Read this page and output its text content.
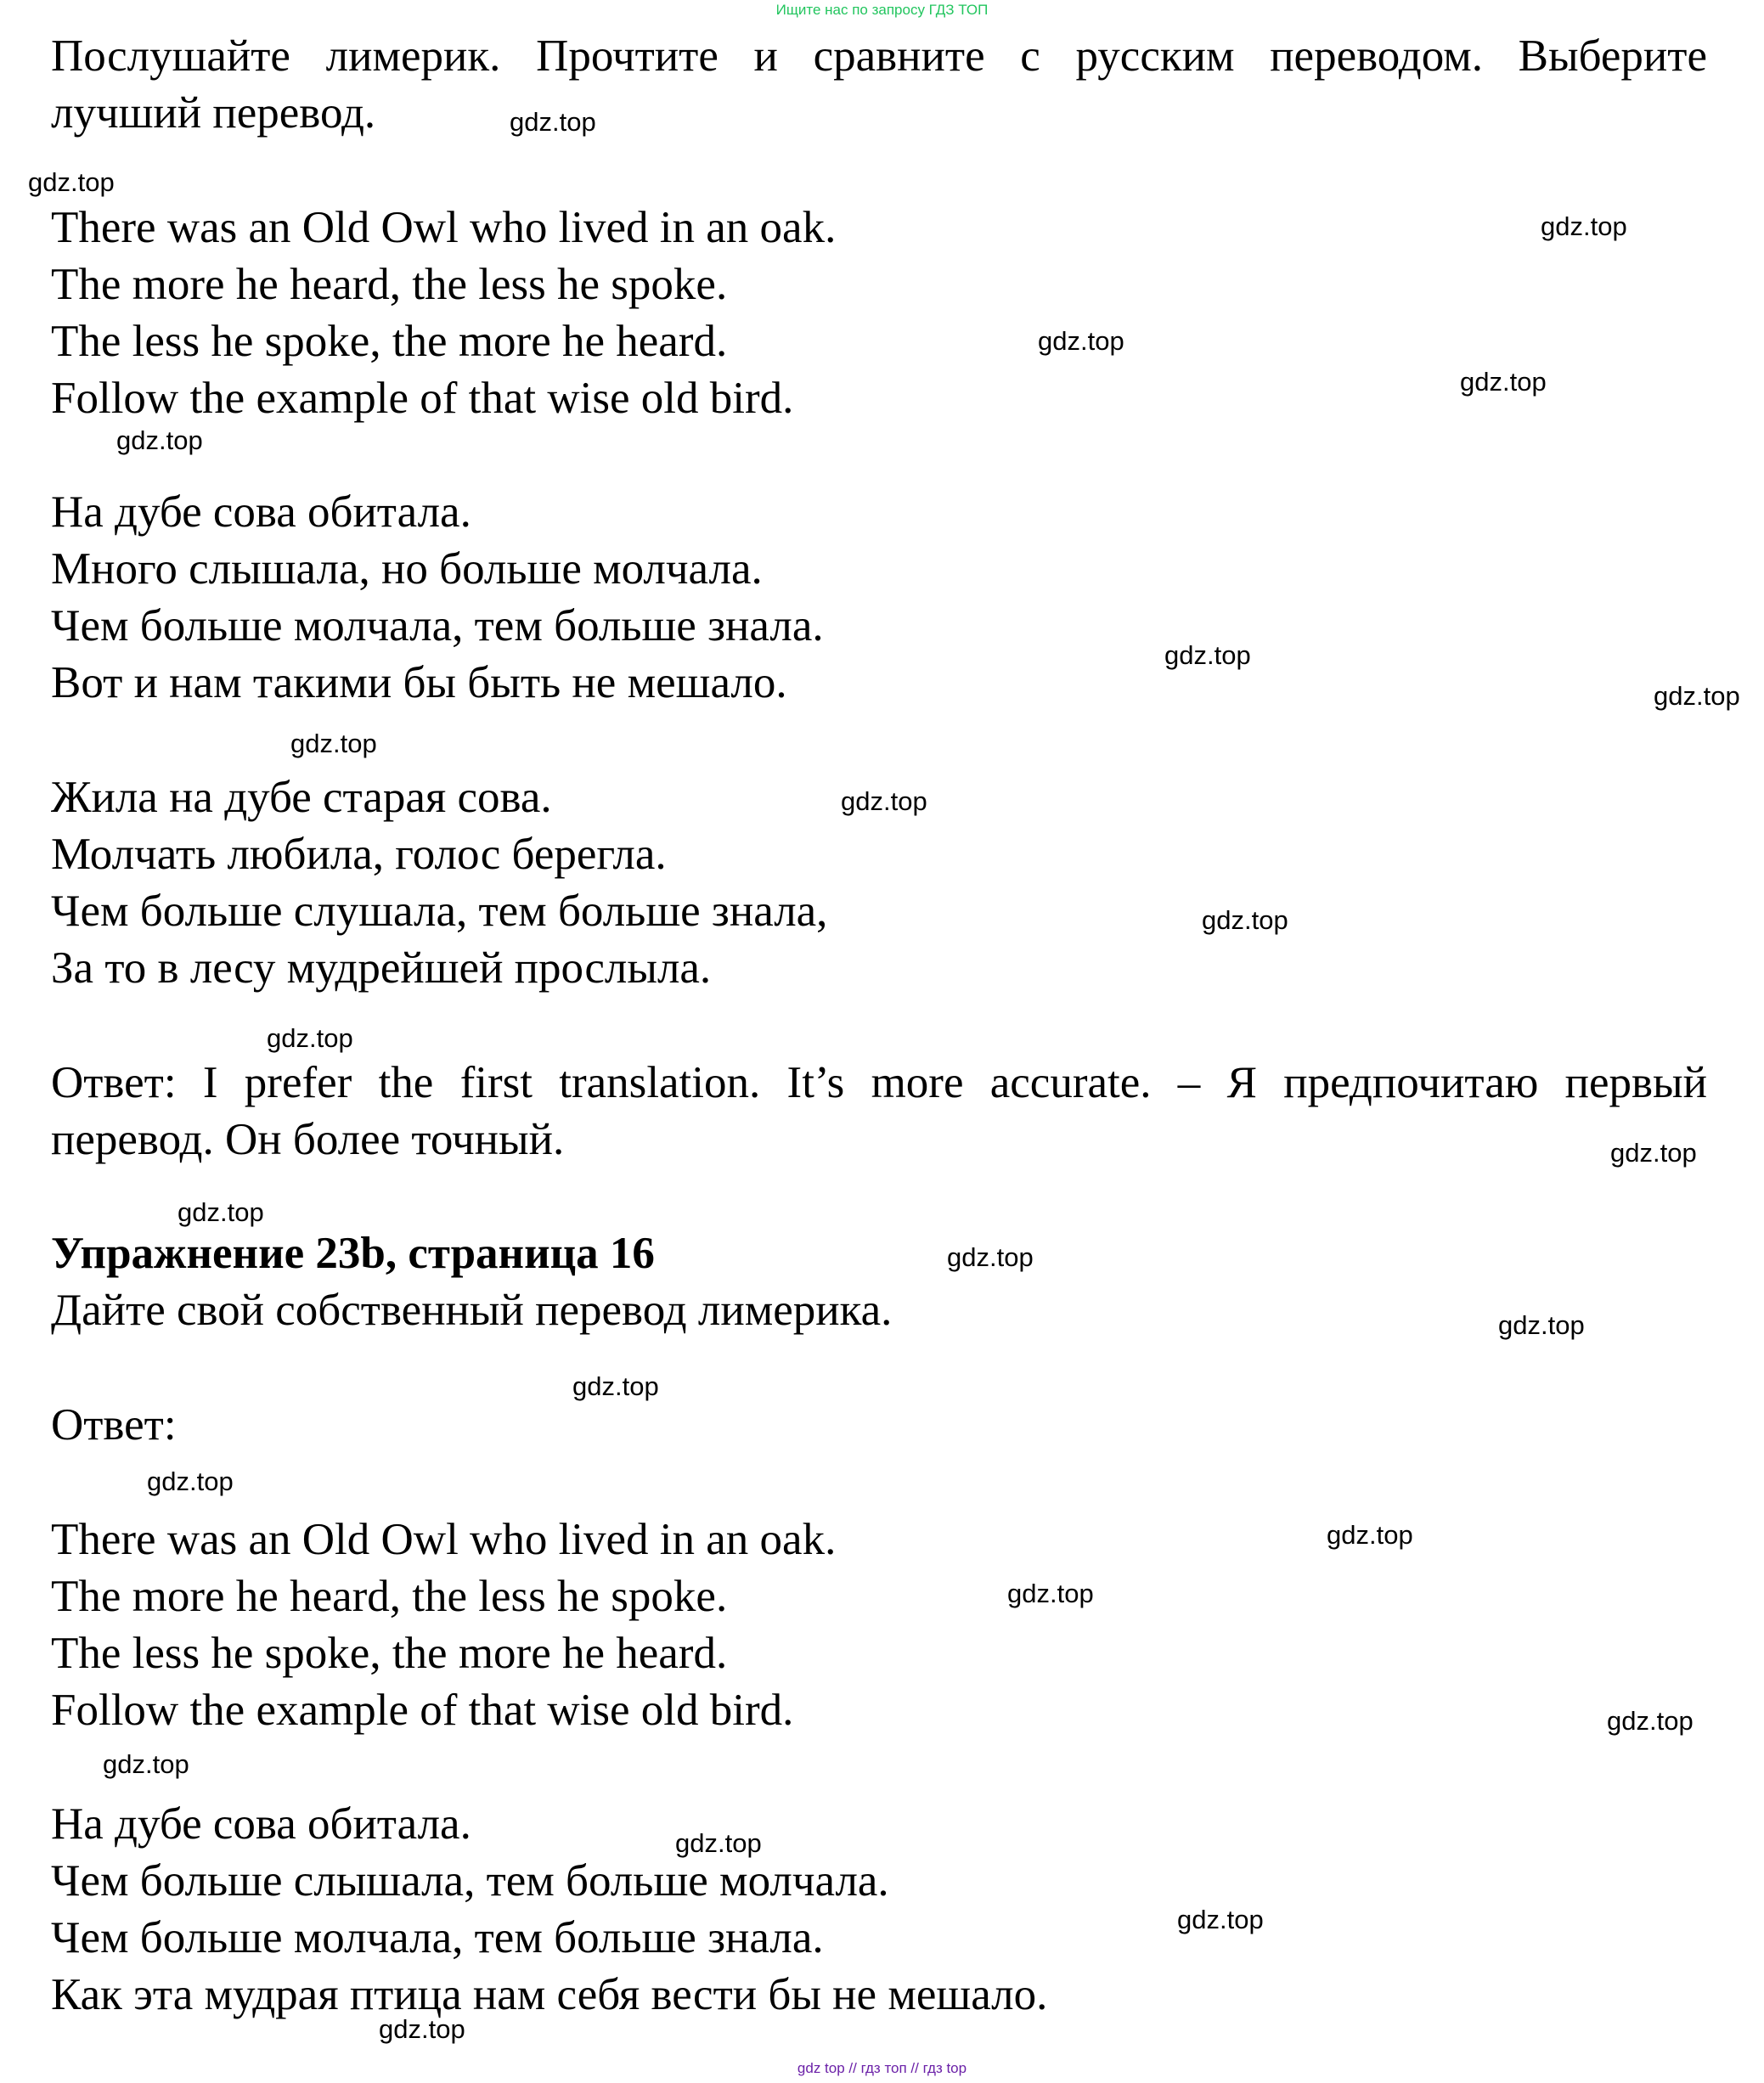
Ищите нас по запросу ГДЗ ТОП

Послушайте лимерик. Прочтите и сравните с русским переводом. Выберите

лучший перевод.

There was an Old Owl who lived in an oak.

The more he heard, the less he spoke.

The less he spoke, the more he heard.

Follow the example of that wise old bird.

На дубе сова обитала.

Много слышала, но больше молчала.

Чем больше молчала, тем больше знала.

Вот и нам такими бы быть не мешало.

Жила на дубе старая сова.

Молчать любила, голос берегла.

Чем больше слушала, тем больше знала,

За то в лесу мудрейшей прослыла.

Ответ: I prefer the first translation. It’s more accurate. – Я предпочитаю первый

перевод. Он более точный.

Упражнение 23b, страница 16

Дайте свой собственный перевод лимерика.

Ответ:

There was an Old Owl who lived in an oak.

The more he heard, the less he spoke.

The less he spoke, the more he heard.

Follow the example of that wise old bird.

На дубе сова обитала.

Чем больше слышала, тем больше молчала.

Чем больше молчала, тем больше знала.

Как эта мудрая птица нам себя вести бы не мешало.

gdz.top
gdz.top
gdz.top
gdz.top
gdz.top
gdz.top
gdz.top
gdz.top
gdz.top
gdz.top
gdz.top
gdz.top
gdz.top
gdz.top
gdz.top
gdz.top
gdz.top
gdz.top
gdz.top
gdz.top
gdz.top
gdz.top
gdz.top
gdz.top
gdz.top
gdz top // гдз топ // гдз top
